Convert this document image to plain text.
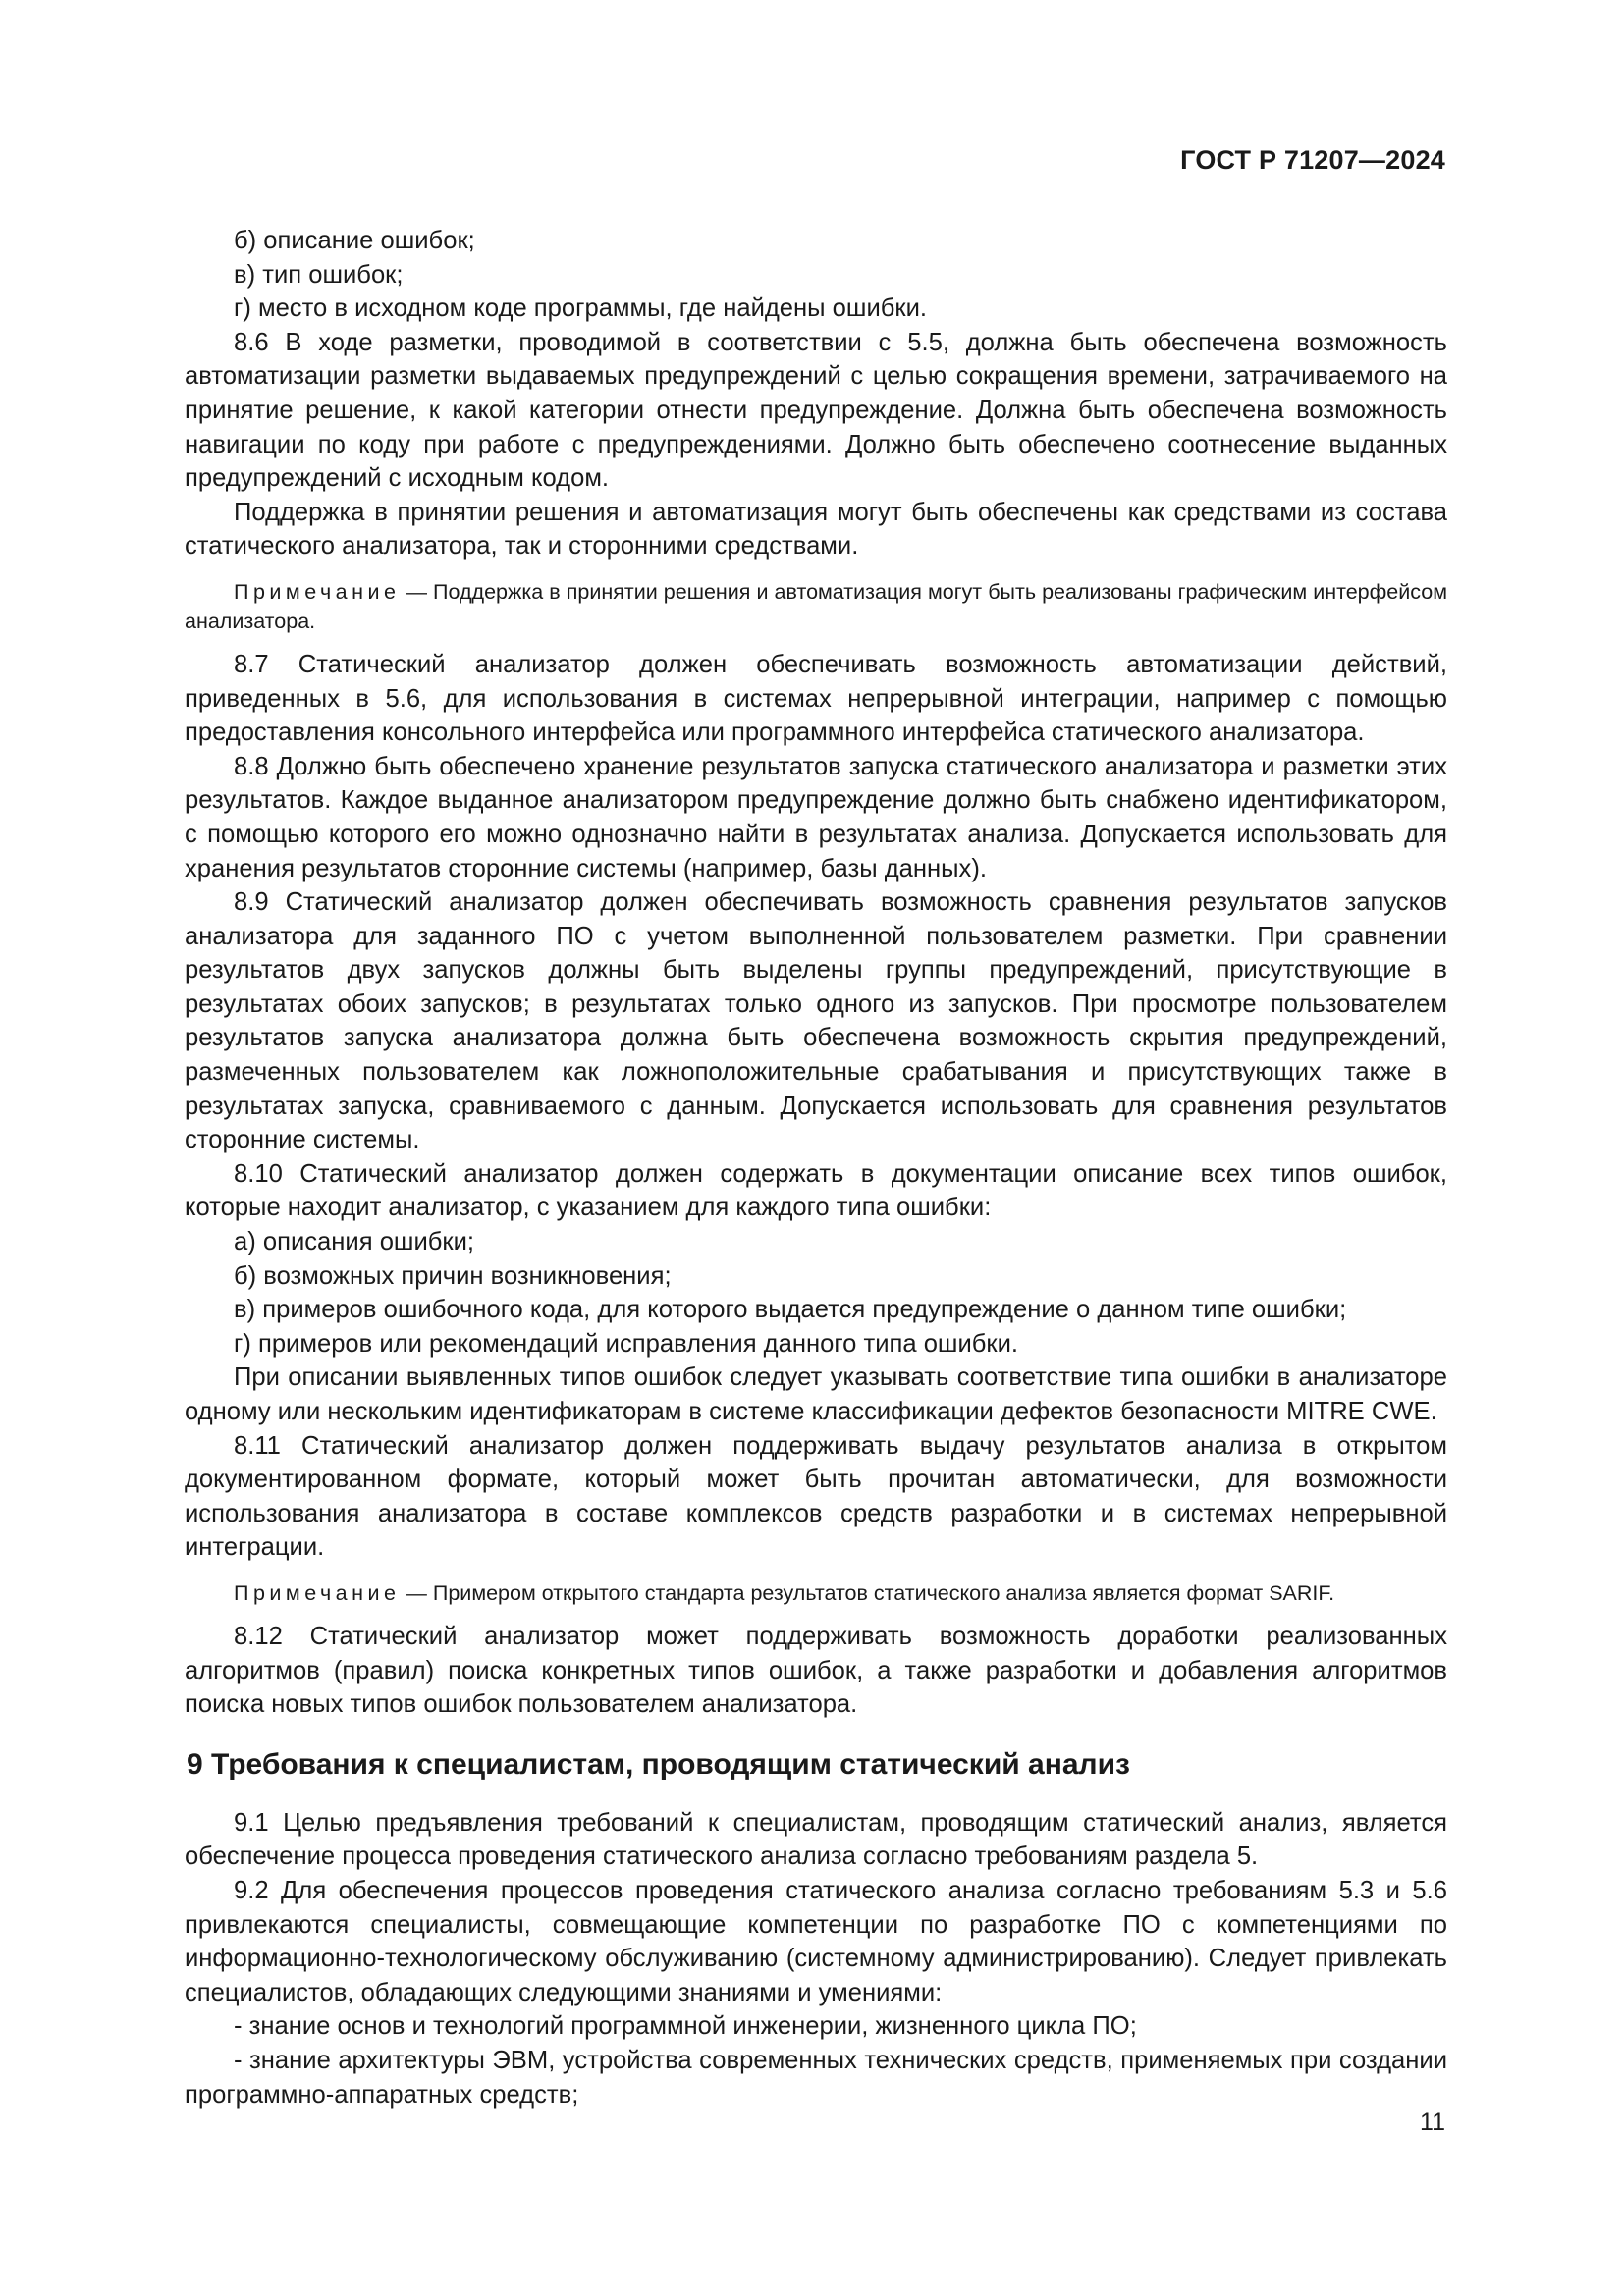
ГОСТ Р 71207—2024

б) описание ошибок;

в) тип ошибок;

г) место в исходном коде программы, где найдены ошибки.

8.6 В ходе разметки, проводимой в соответствии с 5.5, должна быть обеспечена возможность автоматизации разметки выдаваемых предупреждений с целью сокращения времени, затрачиваемого на принятие решение, к какой категории отнести предупреждение. Должна быть обеспечена возможность навигации по коду при работе с предупреждениями. Должно быть обеспечено соотнесение выданных предупреждений с исходным кодом.

Поддержка в принятии решения и автоматизация могут быть обеспечены как средствами из состава статического анализатора, так и сторонними средствами.

Примечание — Поддержка в принятии решения и автоматизация могут быть реализованы графическим интерфейсом анализатора.

8.7 Статический анализатор должен обеспечивать возможность автоматизации действий, приведенных в 5.6, для использования в системах непрерывной интеграции, например с помощью предоставления консольного интерфейса или программного интерфейса статического анализатора.

8.8 Должно быть обеспечено хранение результатов запуска статического анализатора и разметки этих результатов. Каждое выданное анализатором предупреждение должно быть снабжено идентификатором, с помощью которого его можно однозначно найти в результатах анализа. Допускается использовать для хранения результатов сторонние системы (например, базы данных).

8.9 Статический анализатор должен обеспечивать возможность сравнения результатов запусков анализатора для заданного ПО с учетом выполненной пользователем разметки. При сравнении результатов двух запусков должны быть выделены группы предупреждений, присутствующие в результатах обоих запусков; в результатах только одного из запусков. При просмотре пользователем результатов запуска анализатора должна быть обеспечена возможность скрытия предупреждений, размеченных пользователем как ложноположительные срабатывания и присутствующих также в результатах запуска, сравниваемого с данным. Допускается использовать для сравнения результатов сторонние системы.

8.10 Статический анализатор должен содержать в документации описание всех типов ошибок, которые находит анализатор, с указанием для каждого типа ошибки:

а) описания ошибки;

б) возможных причин возникновения;

в) примеров ошибочного кода, для которого выдается предупреждение о данном типе ошибки;

г) примеров или рекомендаций исправления данного типа ошибки.

При описании выявленных типов ошибок следует указывать соответствие типа ошибки в анализаторе одному или нескольким идентификаторам в системе классификации дефектов безопасности MITRE CWE.

8.11 Статический анализатор должен поддерживать выдачу результатов анализа в открытом документированном формате, который может быть прочитан автоматически, для возможности использования анализатора в составе комплексов средств разработки и в системах непрерывной интеграции.

Примечание — Примером открытого стандарта результатов статического анализа является формат SARIF.

8.12 Статический анализатор может поддерживать возможность доработки реализованных алгоритмов (правил) поиска конкретных типов ошибок, а также разработки и добавления алгоритмов поиска новых типов ошибок пользователем анализатора.

9 Требования к специалистам, проводящим статический анализ

9.1 Целью предъявления требований к специалистам, проводящим статический анализ, является обеспечение процесса проведения статического анализа согласно требованиям раздела 5.

9.2 Для обеспечения процессов проведения статического анализа согласно требованиям 5.3 и 5.6 привлекаются специалисты, совмещающие компетенции по разработке ПО с компетенциями по информационно-технологическому обслуживанию (системному администрированию). Следует привлекать специалистов, обладающих следующими знаниями и умениями:

- знание основ и технологий программной инженерии, жизненного цикла ПО;

- знание архитектуры ЭВМ, устройства современных технических средств, применяемых при создании программно-аппаратных средств;

11
